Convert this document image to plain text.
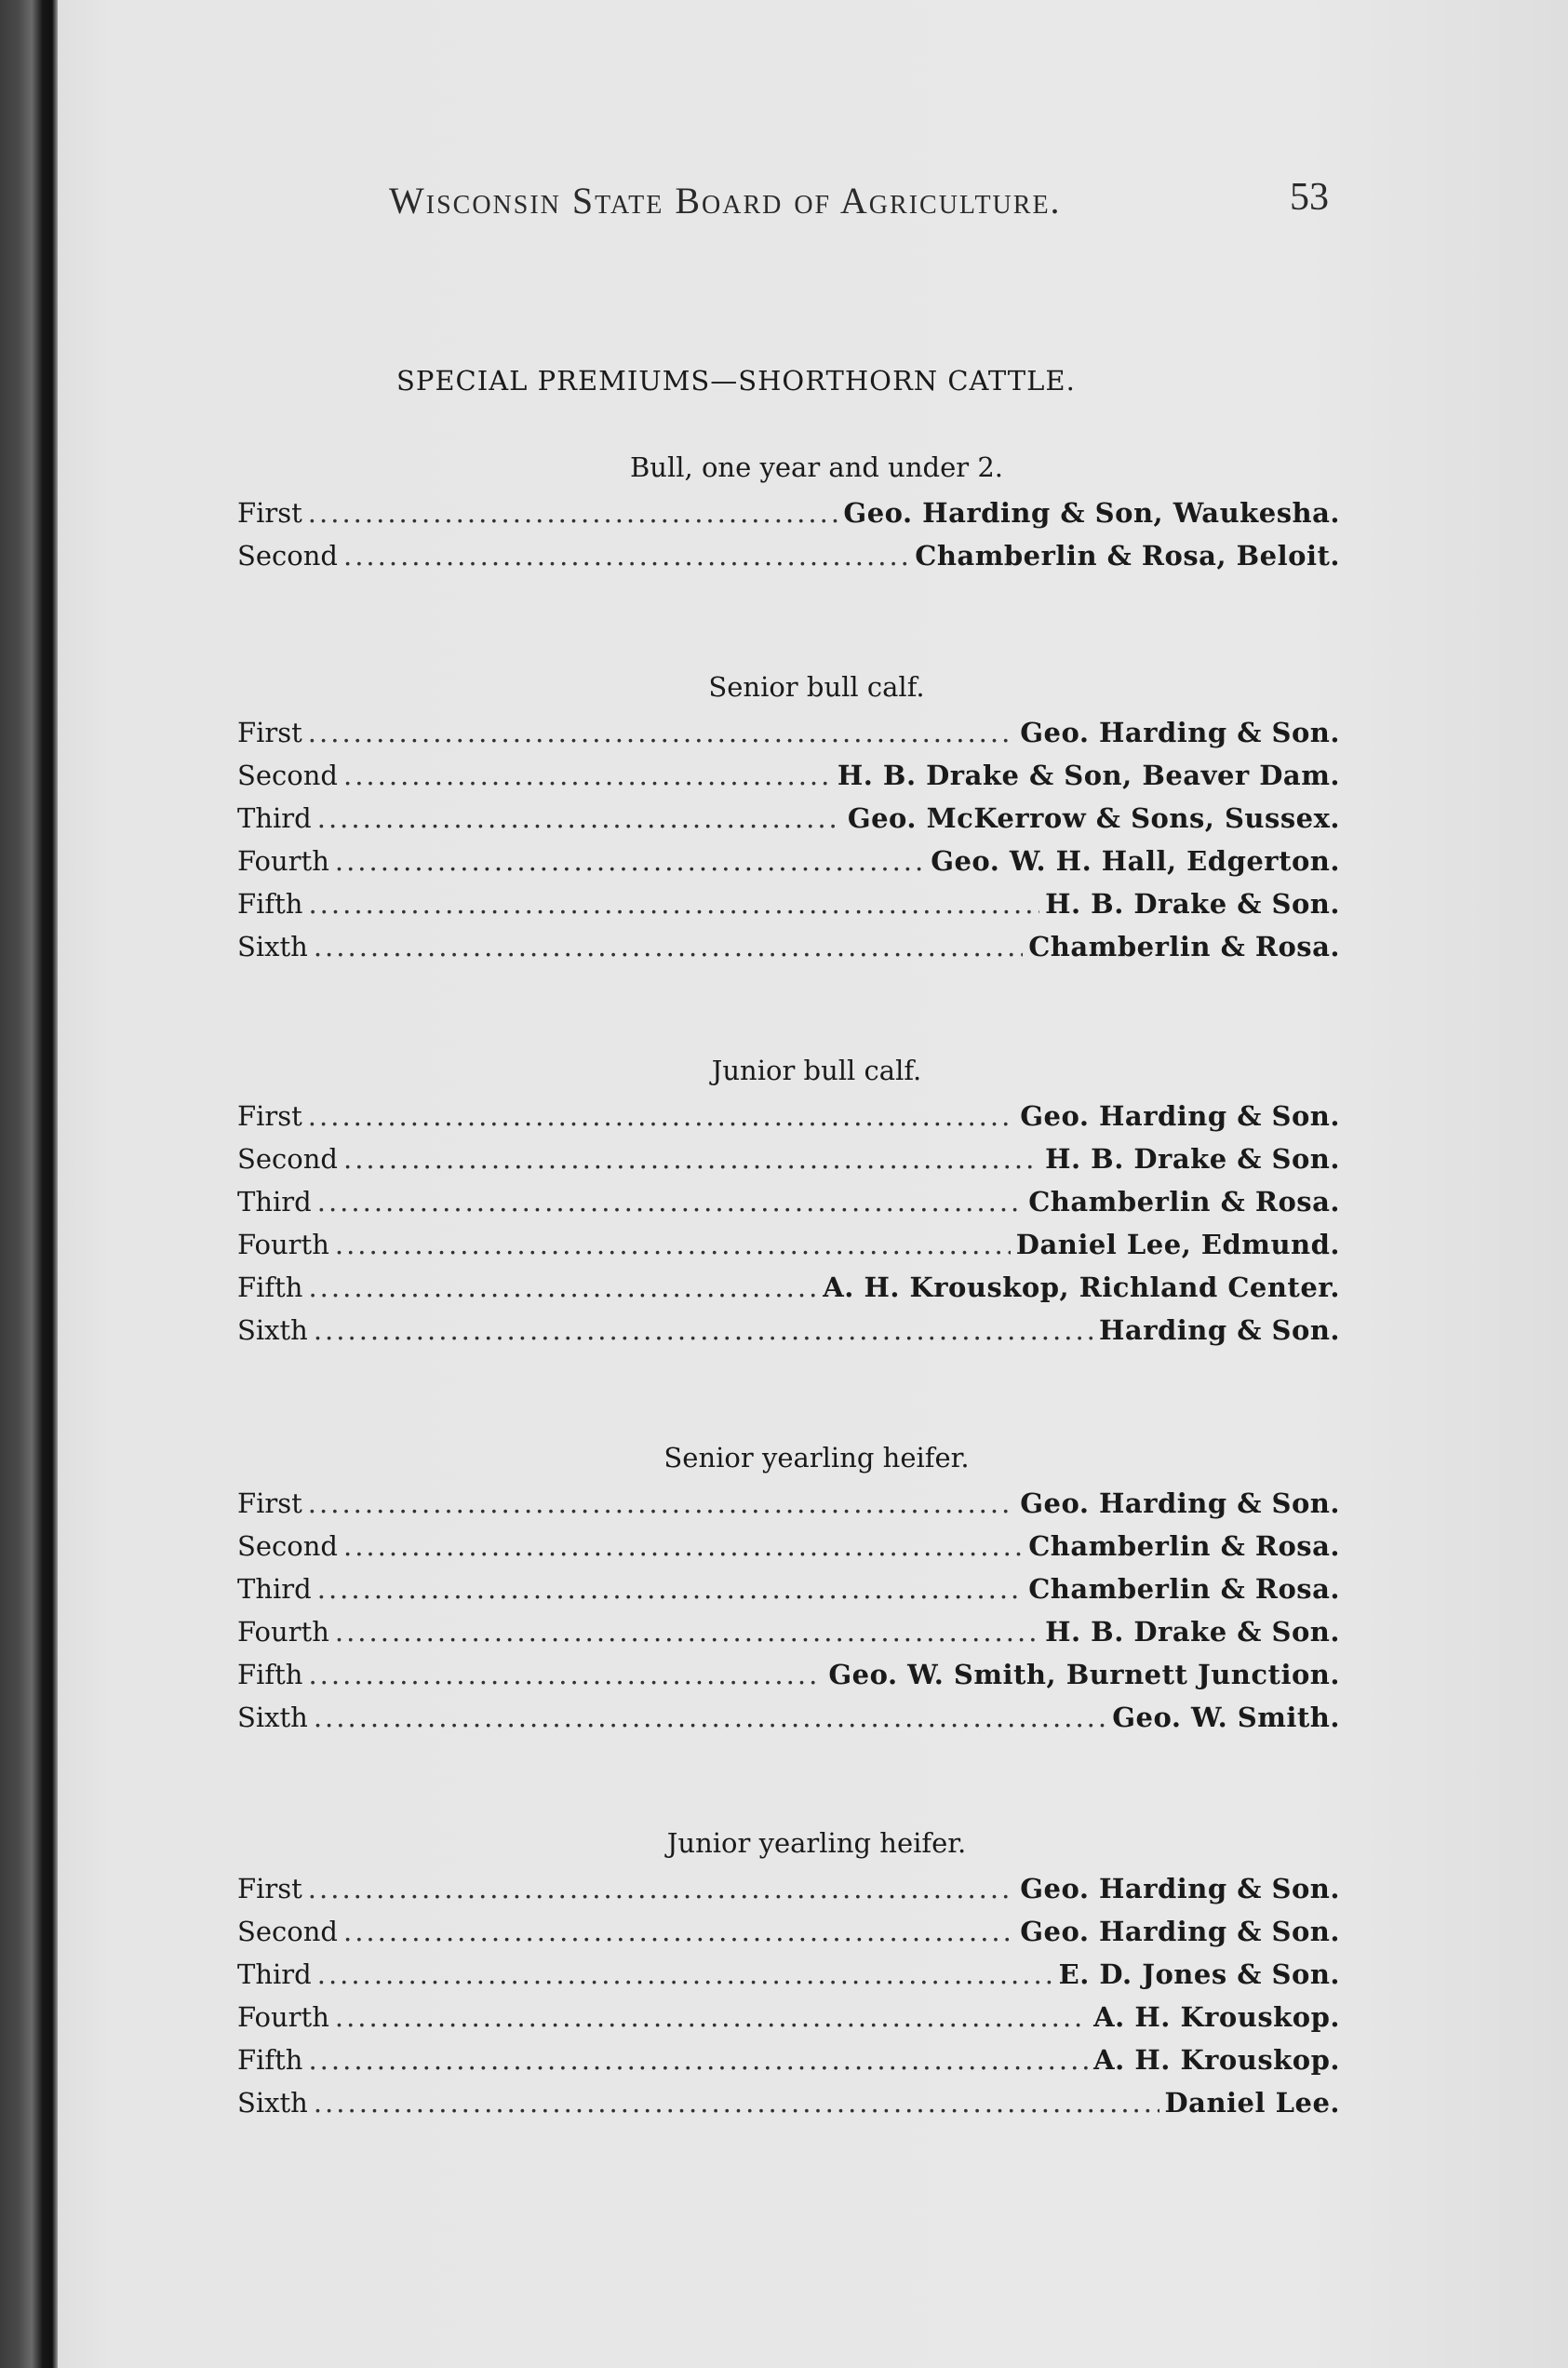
Wisconsin State Board of Agriculture.	53
SPECIAL PREMIUMS—SHORTHORN CATTLE.
Bull, one year and under 2.
First .....	Geo. Harding & Son, Waukesha.
Second .....	Chamberlin & Rosa, Beloit.
Senior bull calf.
First .....	Geo. Harding & Son.
Second .....	H. B. Drake & Son, Beaver Dam.
Third .....	Geo. McKerrow & Sons, Sussex.
Fourth .....	Geo. W. H. Hall, Edgerton.
Fifth .....	H. B. Drake & Son.
Sixth .....	Chamberlin & Rosa.
Junior bull calf.
First .....	Geo. Harding & Son.
Second .....	H. B. Drake & Son.
Third .....	Chamberlin & Rosa.
Fourth .....	Daniel Lee, Edmund.
Fifth .....	A. H. Krouskop, Richland Center.
Sixth .....	Harding & Son.
Senior yearling heifer.
First .....	Geo. Harding & Son.
Second .....	Chamberlin & Rosa.
Third .....	Chamberlin & Rosa.
Fourth .....	H. B. Drake & Son.
Fifth .....	Geo. W. Smith, Burnett Junction.
Sixth .....	Geo. W. Smith.
Junior yearling heifer.
First .....	Geo. Harding & Son.
Second .....	Geo. Harding & Son.
Third .....	E. D. Jones & Son.
Fourth .....	A. H. Krouskop.
Fifth .....	A. H. Krouskop.
Sixth .....	Daniel Lee.
